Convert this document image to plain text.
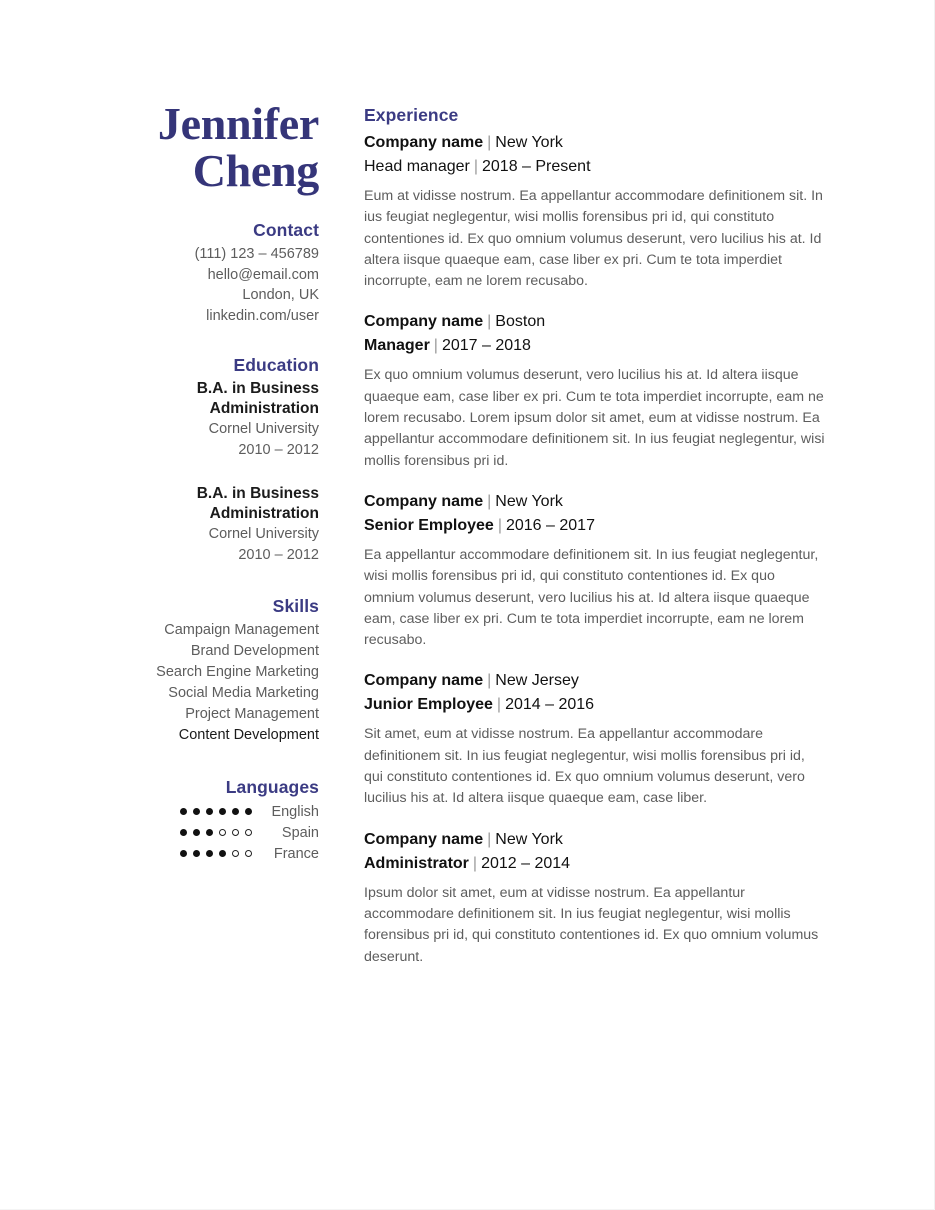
Jennifer
Cheng
Contact
(111) 123 – 456789
hello@email.com
London, UK
linkedin.com/user
Education
B.A. in Business Administration
Cornel University
2010 – 2012
B.A. in Business Administration
Cornel University
2010 – 2012
Skills
Campaign Management
Brand Development
Search Engine Marketing
Social Media Marketing
Project Management
Content Development
Languages
English
Spain
France
Experience
Company name | New York
Head manager | 2018 – Present
Eum at vidisse nostrum. Ea appellantur accommodare definitionem sit. In ius feugiat neglegentur, wisi mollis forensibus pri id, qui constituto contentiones id. Ex quo omnium volumus deserunt, vero lucilius his at. Id altera iisque quaeque eam, case liber ex pri. Cum te tota imperdiet incorrupte, eam ne lorem recusabo.
Company name | Boston
Manager | 2017 – 2018
Ex quo omnium volumus deserunt, vero lucilius his at. Id altera iisque quaeque eam, case liber ex pri. Cum te tota imperdiet incorrupte, eam ne lorem recusabo. Lorem ipsum dolor sit amet, eum at vidisse nostrum. Ea appellantur accommodare definitionem sit. In ius feugiat neglegentur, wisi mollis forensibus pri id.
Company name | New York
Senior Employee | 2016 – 2017
Ea appellantur accommodare definitionem sit. In ius feugiat neglegentur, wisi mollis forensibus pri id, qui constituto contentiones id. Ex quo omnium volumus deserunt, vero lucilius his at. Id altera iisque quaeque eam, case liber ex pri. Cum te tota imperdiet incorrupte, eam ne lorem recusabo.
Company name | New Jersey
Junior Employee | 2014 – 2016
Sit amet, eum at vidisse nostrum. Ea appellantur accommodare definitionem sit. In ius feugiat neglegentur, wisi mollis forensibus pri id, qui constituto contentiones id. Ex quo omnium volumus deserunt, vero lucilius his at. Id altera iisque quaeque eam, case liber.
Company name | New York
Administrator | 2012 – 2014
Ipsum dolor sit amet, eum at vidisse nostrum. Ea appellantur accommodare definitionem sit. In ius feugiat neglegentur, wisi mollis forensibus pri id, qui constituto contentiones id. Ex quo omnium volumus deserunt.
